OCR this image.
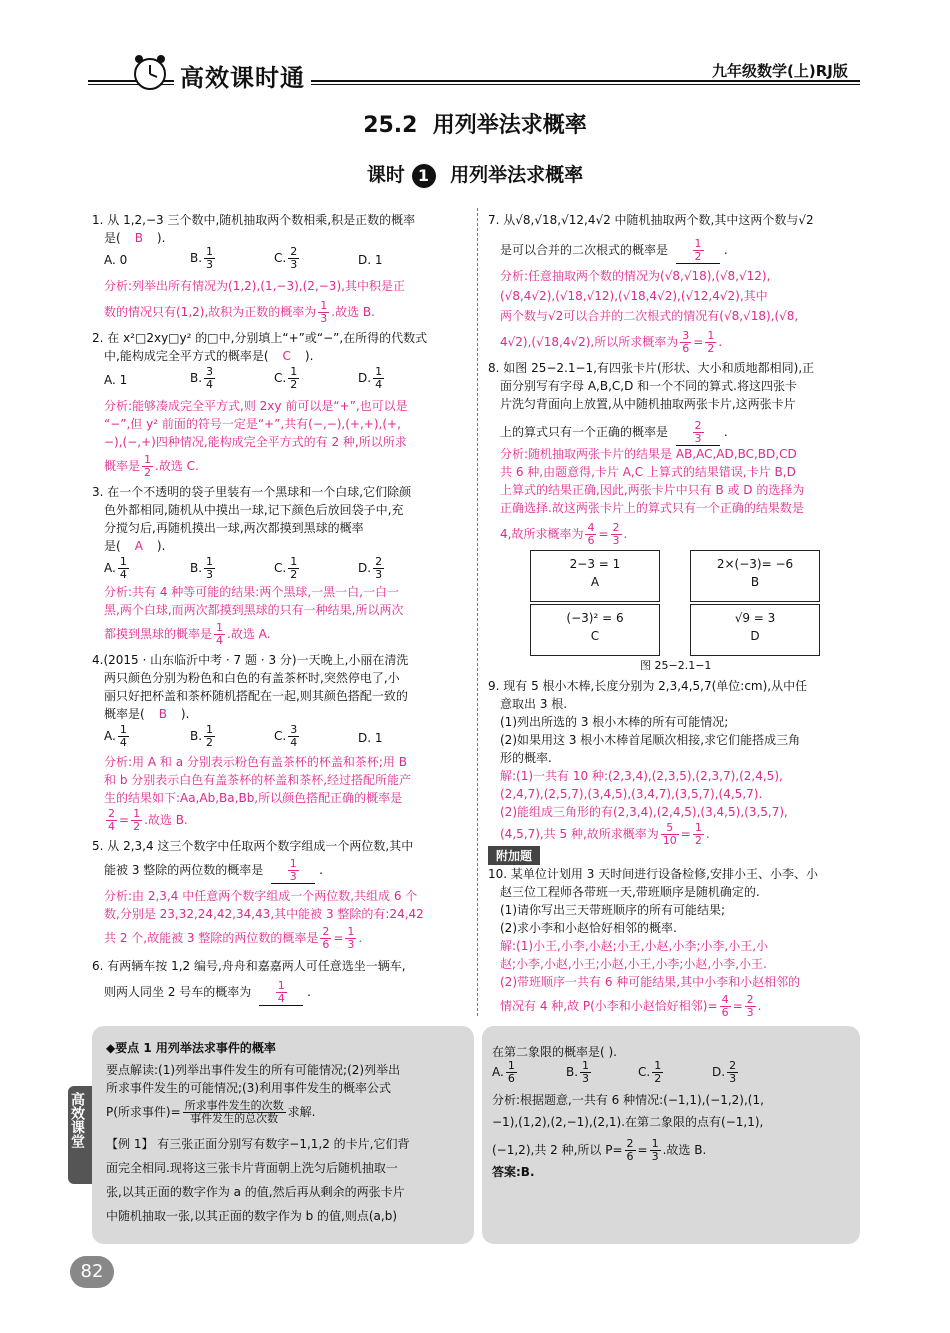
高效课时通	九年级数学(上)RJ版
25.2  用列举法求概率
课时 1 用列举法求概率
1. 从 1,2,−3 三个数中,随机抽取两个数相乘,积是正数的概率
是( B ).
A. 0	B. $\frac{1}{3}$	C. $\frac{2}{3}$	D. 1
分析:列举出所有情况为(1,2),(1,−3),(2,−3),其中积是正
数的情况只有(1,2),故积为正数的概率为 $\frac{1}{3}$ .故选 B.
2. 在 x²□2xy□y² 的□中,分别填上“+”或“−”,在所得的代数式
中,能构成完全平方式的概率是( C ).
A. 1	B. $\frac{3}{4}$	C. $\frac{1}{2}$	D. $\frac{1}{4}$
分析:能够凑成完全平方式,则 2xy 前可以是“+”,也可以是
“−”,但 y² 前面的符号一定是“+”,共有(−,−),(+,+),(+,
−),(−,+)四种情况,能构成完全平方式的有 2 种,所以所求
概率是 $\frac{1}{2}$ .故选 C.
3. 在一个不透明的袋子里装有一个黑球和一个白球,它们除颜
色外都相同,随机从中摸出一球,记下颜色后放回袋子中,充
分搅匀后,再随机摸出一球,两次都摸到黑球的概率
是( A ).
A. $\frac{1}{4}$	B. $\frac{1}{3}$	C. $\frac{1}{2}$	D. $\frac{2}{3}$
分析:共有 4 种等可能的结果:两个黑球,一黑一白,一白一
黑,两个白球,而两次都摸到黑球的只有一种结果,所以两次
都摸到黑球的概率是 $\frac{1}{4}$ .故选 A.
4.(2015 · 山东临沂中考 · 7 题 · 3 分)一天晚上,小丽在清洗
两只颜色分别为粉色和白色的有盖茶杯时,突然停电了,小
丽只好把杯盖和茶杯随机搭配在一起,则其颜色搭配一致的
概率是( B ).
A. $\frac{1}{4}$	B. $\frac{1}{2}$	C. $\frac{3}{4}$	D. 1
分析:用 A 和 a 分别表示粉色有盖茶杯的杯盖和茶杯;用 B
和 b 分别表示白色有盖茶杯的杯盖和茶杯,经过搭配所能产
生的结果如下:Aa,Ab,Ba,Bb,所以颜色搭配正确的概率是
$\frac{2}{4} = \frac{1}{2}$ .故选 B.
5. 从 2,3,4 这三个数字中任取两个数字组成一个两位数,其中
能被 3 整除的两位数的概率是 $\frac{1}{3}$ .
分析:由 2,3,4 中任意两个数字组成一个两位数,共组成 6 个
数,分别是 23,32,24,42,34,43,其中能被 3 整除的有:24,42
共 2 个,故能被 3 整除的两位数的概率是 $\frac{2}{6} = \frac{1}{3}$ .
6. 有两辆车按 1,2 编号,舟舟和嘉嘉两人可任意选坐一辆车,
则两人同坐 2 号车的概率为 $\frac{1}{4}$ .
7. 从√8,√18,√12,4√2 中随机抽取两个数,其中这两个数与√2
是可以合并的二次根式的概率是 $\frac{1}{2}$ .
分析:任意抽取两个数的情况为(√8,√18),(√8,√12),
(√8,4√2),(√18,√12),(√18,4√2),(√12,4√2),其中
两个数与√2可以合并的二次根式的情况有(√8,√18),(√8,
4√2),(√18,4√2),所以所求概率为 $\frac{3}{6} = \frac{1}{2}$ .
8. 如图 25−2.1−1,有四张卡片(形状、大小和质地都相同),正
面分别写有字母 A,B,C,D 和一个不同的算式.将这四张卡
片洗匀背面向上放置,从中随机抽取两张卡片,这两张卡片
上的算式只有一个正确的概率是 $\frac{2}{3}$ .
分析:随机抽取两张卡片的结果是 AB,AC,AD,BC,BD,CD
共 6 种,由题意得,卡片 A,C 上算式的结果错误,卡片 B,D
上算式的结果正确,因此,两张卡片中只有 B 或 D 的选择为
正确选择.故这两张卡片上的算式只有一个正确的结果数是
4,故所求概率为 $\frac{4}{6} = \frac{2}{3}$ .
2−3 = 1
A
2×(−3)= −6
B
(−3)² = 6
C
√9 = 3
D
图 25−2.1−1
9. 现有 5 根小木棒,长度分别为 2,3,4,5,7(单位:cm),从中任
意取出 3 根.
(1)列出所选的 3 根小木棒的所有可能情况;
(2)如果用这 3 根小木棒首尾顺次相接,求它们能搭成三角
形的概率.
解:(1)一共有 10 种:(2,3,4),(2,3,5),(2,3,7),(2,4,5),
(2,4,7),(2,5,7),(3,4,5),(3,4,7),(3,5,7),(4,5,7).
(2)能组成三角形的有(2,3,4),(2,4,5),(3,4,5),(3,5,7),
(4,5,7),共 5 种,故所求概率为 $\frac{5}{10} = \frac{1}{2}$ .
附加题
10. 某单位计划用 3 天时间进行设备检修,安排小王、小李、小
赵三位工程师各带班一天,带班顺序是随机确定的.
(1)请你写出三天带班顺序的所有可能结果;
(2)求小李和小赵恰好相邻的概率.
解:(1)小王,小李,小赵;小王,小赵,小李;小李,小王,小
赵;小李,小赵,小王;小赵,小王,小李;小赵,小李,小王.
(2)带班顺序一共有 6 种可能结果,其中小李和小赵相邻的
情况有 4 种,故 P(小李和小赵恰好相邻)= $\frac{4}{6} = \frac{2}{3}$ .
高效课堂
◆要点 1 用列举法求事件的概率
要点解读:(1)列举出事件发生的所有可能情况;(2)列举出
所求事件发生的可能情况;(3)利用事件发生的概率公式
P(所求事件)= $\frac{\text{所求事件发生的次数}}{\text{事件发生的总次数}}$ 求解.
【例 1】 有三张正面分别写有数字−1,1,2 的卡片,它们背
面完全相同.现将这三张卡片背面朝上洗匀后随机抽取一
张,以其正面的数字作为 a 的值,然后再从剩余的两张卡片
中随机抽取一张,以其正面的数字作为 b 的值,则点(a,b)
在第二象限的概率是( ).
A. $\frac{1}{6}$	B. $\frac{1}{3}$	C. $\frac{1}{2}$	D. $\frac{2}{3}$
分析:根据题意,一共有 6 种情况:(−1,1),(−1,2),(1,
−1),(1,2),(2,−1),(2,1).在第二象限的点有(−1,1),
(−1,2),共 2 种,所以 $P= \frac{2}{6} = \frac{1}{3}$ .故选 B.
答案:B.
82
